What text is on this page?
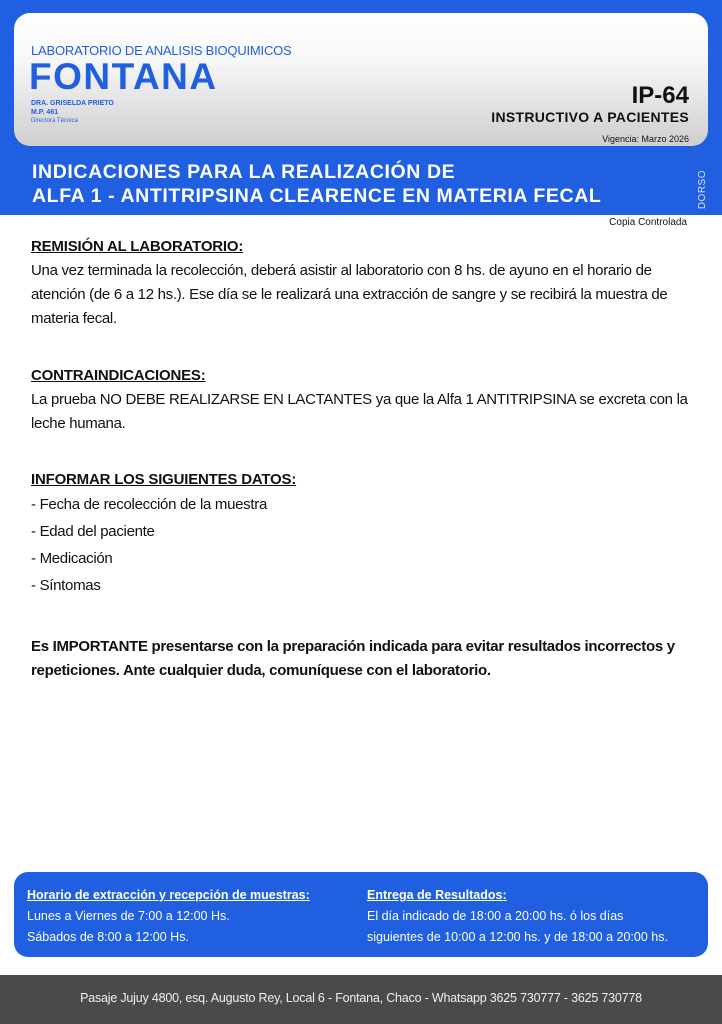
LABORATORIO DE ANALISIS BIOQUIMICOS
FONTANA
DRA. GRISELDA PRIETO
M.P. 461
Directora Técnica
IP-64
INSTRUCTIVO A PACIENTES
Vigencia: Marzo 2026
INDICACIONES PARA LA REALIZACIÓN DE
ALFA 1 - ANTITRIPSINA CLEARENCE EN MATERIA FECAL	DORSO
Copia Controlada
REMISIÓN AL LABORATORIO:
Una vez terminada la recolección, deberá asistir al laboratorio con 8 hs. de ayuno en el horario de atención (de 6 a 12 hs.). Ese día se le realizará una extracción de sangre y se recibirá la muestra de materia fecal.
CONTRAINDICACIONES:
La prueba NO DEBE REALIZARSE EN LACTANTES ya que la Alfa 1 ANTITRIPSINA se excreta con la leche humana.
INFORMAR LOS SIGUIENTES DATOS:
- Fecha de recolección de la muestra
- Edad del paciente
- Medicación
- Síntomas
Es IMPORTANTE presentarse con la preparación indicada para evitar resultados incorrectos y repeticiones. Ante cualquier duda, comuníquese con el laboratorio.
Horario de extracción y recepción de muestras:
Lunes a Viernes de 7:00 a 12:00 Hs.
Sábados de 8:00 a 12:00 Hs.
Entrega de Resultados:
El día indicado de 18:00 a 20:00 hs. ó los días
siguientes de 10:00 a 12:00 hs. y de 18:00 a 20:00 hs.
Pasaje Jujuy 4800, esq. Augusto Rey, Local 6 - Fontana, Chaco - Whatsapp 3625 730777 - 3625 730778
